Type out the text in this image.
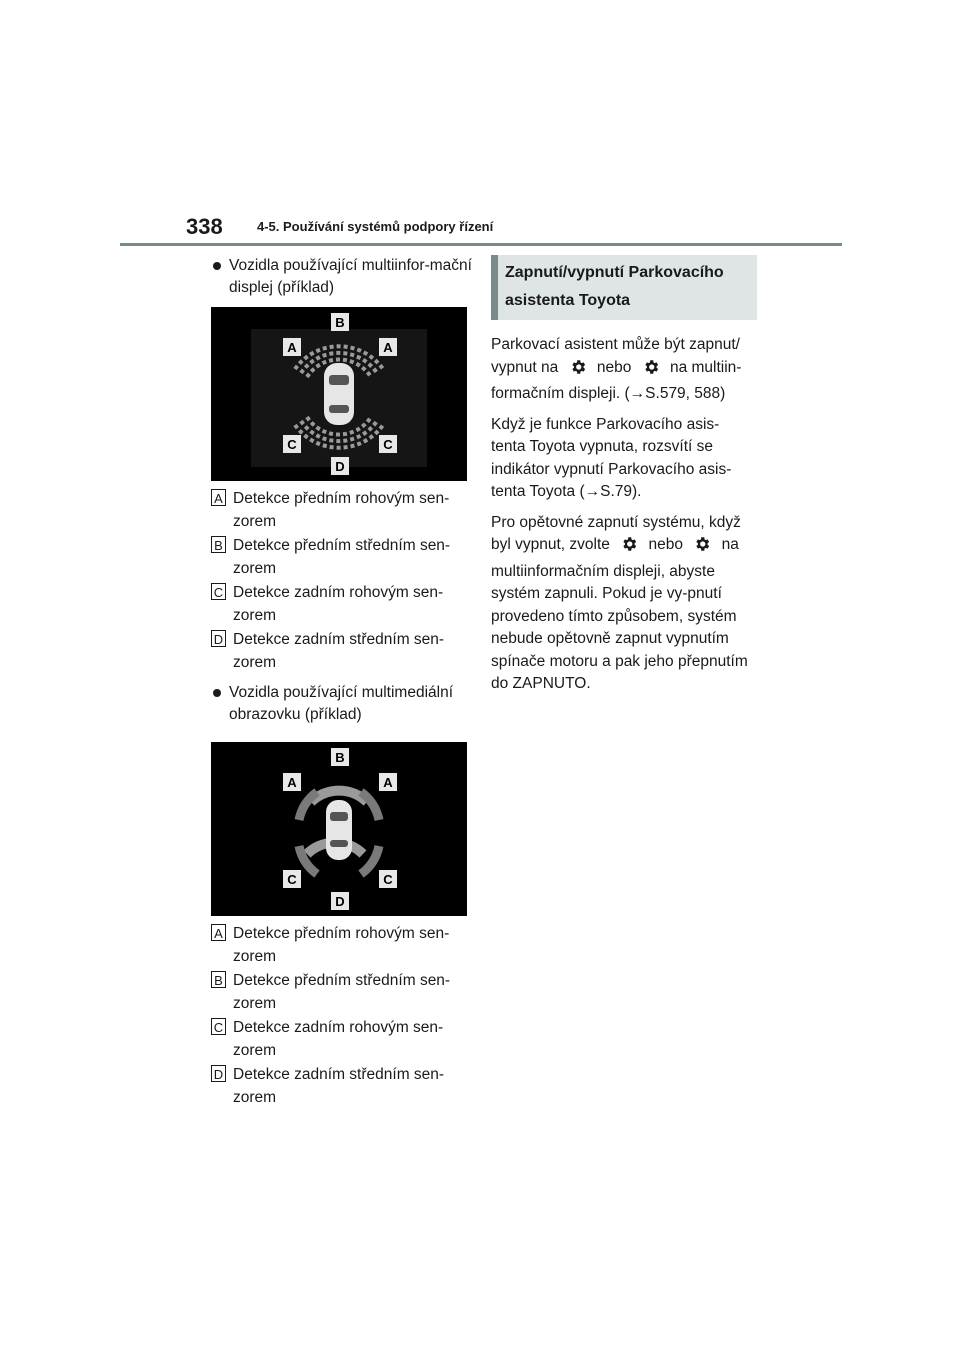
338	4-5. Používání systémů podpory řízení
Vozidla používající multiinfor-mační displej (příklad)
B
A	A
C	C
D
A Detekce předním rohovým sen-zorem
B Detekce předním středním sen-zorem
C Detekce zadním rohovým sen-zorem
D Detekce zadním středním sen-zorem
Vozidla používající multimediální obrazovku (příklad)
B
A	A
C	C
D
A Detekce předním rohovým sen-zorem
B Detekce předním středním sen-zorem
C Detekce zadním rohovým sen-zorem
D Detekce zadním středním sen-zorem
Zapnutí/vypnutí Parkovacího asistenta Toyota

Parkovací asistent může být zapnut/ vypnut na nebo na multiin-formačním displeji. (→S.579, 588)

Když je funkce Parkovacího asis-tenta Toyota vypnuta, rozsvítí se indikátor vypnutí Parkovacího asis-tenta Toyota (→S.79).

Pro opětovné zapnutí systému, když byl vypnut, zvolte nebo na multiinformačním displeji, abyste systém zapnuli. Pokud je vy-pnutí provedeno tímto způsobem, systém nebude opětovně zapnut vypnutím spínače motoru a pak jeho přepnutím do ZAPNUTO.
